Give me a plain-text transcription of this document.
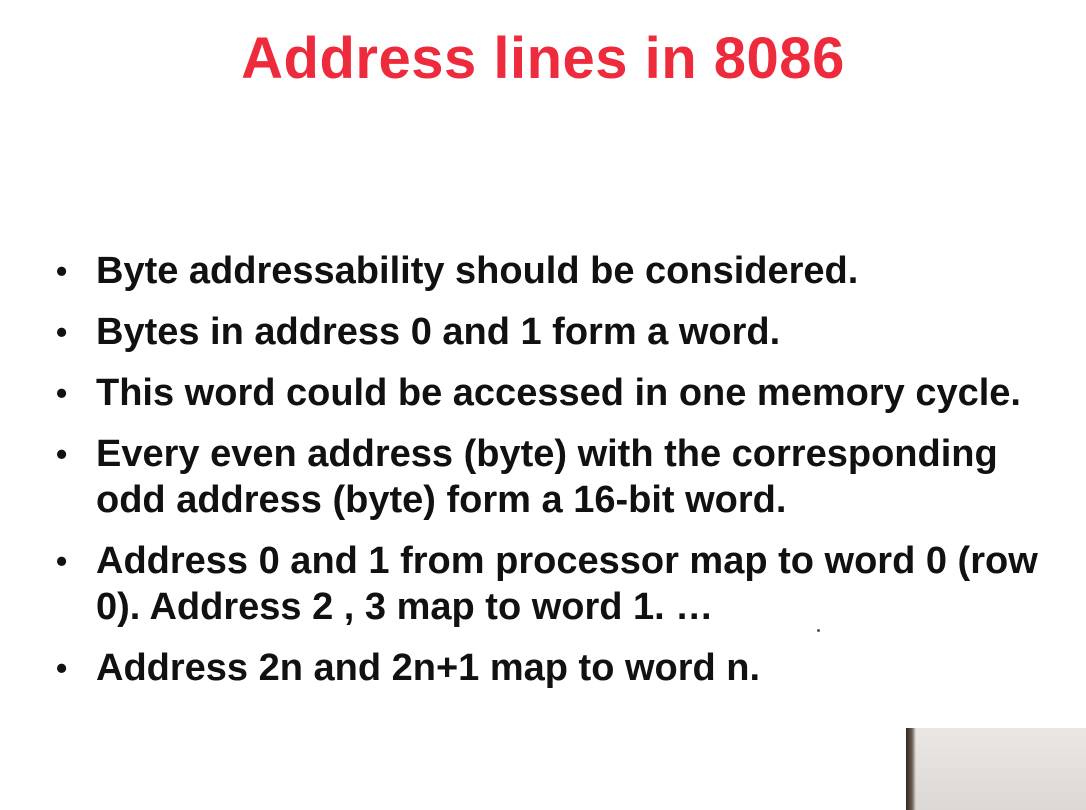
Address lines in 8086
• Byte addressability should be considered.
• Bytes in address 0 and 1 form a word.
• This word could be accessed in one memory cycle.
• Every even address (byte) with the corresponding odd address (byte) form a 16-bit word.
• Address 0 and 1 from processor map to word 0 (row 0). Address 2 , 3 map to word 1. …
• Address 2n and 2n+1 map to word n.
